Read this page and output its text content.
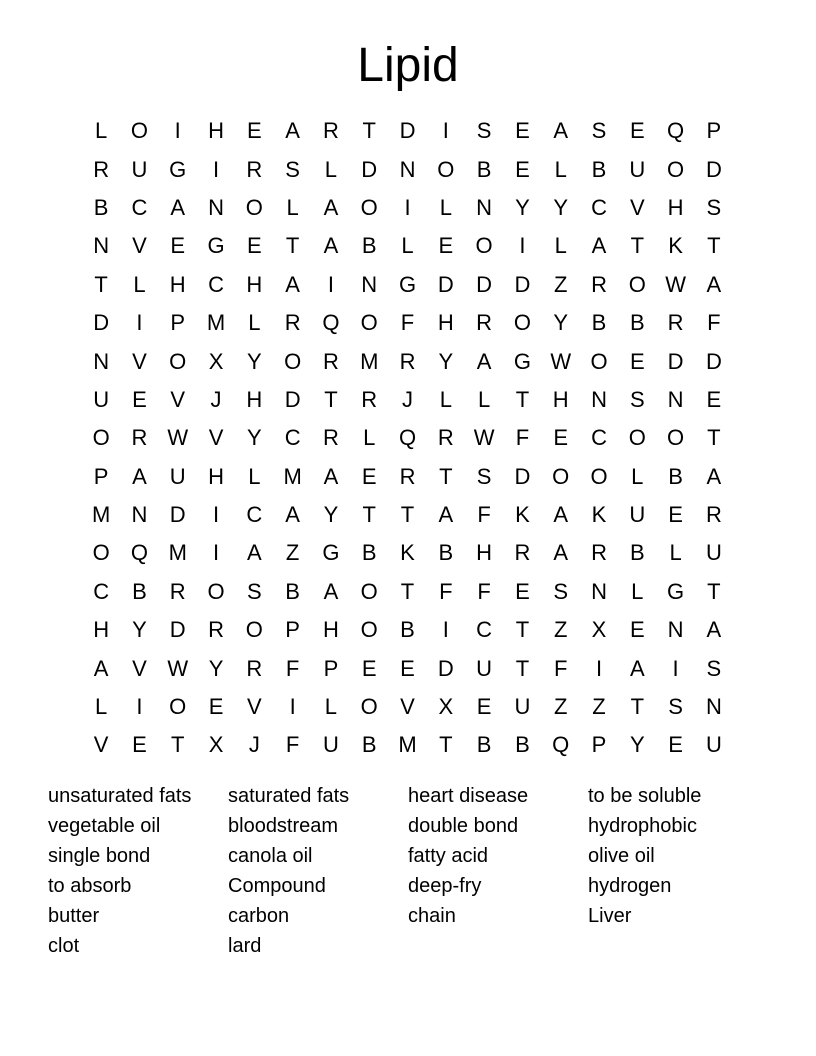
Lipid
L	O	I	H	E	A	R	T	D	I	S	E	A	S	E	Q	P
R	U G	I	R	S	L	D	N O	B	E	L	B	U O D
B	C	A	N O	L	A	O	I	L	N	Y	Y	C	V	H	S
N	V	E	G	E	T	A	B	L	E	O	I	L	A	T	K	T
T	L	H	C	H	A	I	N G D	D	D	Z	R O W A
D	I	P M	L	R Q O	F	H	R O	Y	B	B	R	F
N	V	O	X	Y	O R M R	Y	A	G W O	E	D	D
U	E	V	J	H	D	T	R	J	L	L	T	H	N	S	N	E
O R W V	Y	C	R	L	Q R W F	E	C O O	T
P	A	U	H	L	M A	E	R	T	S	D O O	L	B	A
M N	D	I	C	A	Y	T	T	A	F	K	A	K	U	E	R
O Q M	I	A	Z	G	B	K	B	H	R	A	R	B	L	U
C	B	R O	S	B	A	O	T	F	F	E	S	N	L	G	T
H	Y	D	R O	P	H O	B	I	C	T	Z	X	E	N	A
A	V W Y	R	F	P	E	E	D	U	T	F	I	A	I	S
L	I	O	E	V	I	L	O	V	X	E	U	Z	Z	T	S	N
V	E	T	X	J	F	U	B M	T	B	B	Q	P	Y	E	U
unsaturated fats
vegetable oil
single bond
to absorb
butter
clot
saturated fats
bloodstream
canola oil
Compound
carbon
lard
heart disease
double bond
fatty acid
deep-fry
chain
to be soluble
hydrophobic
olive oil
hydrogen
Liver
